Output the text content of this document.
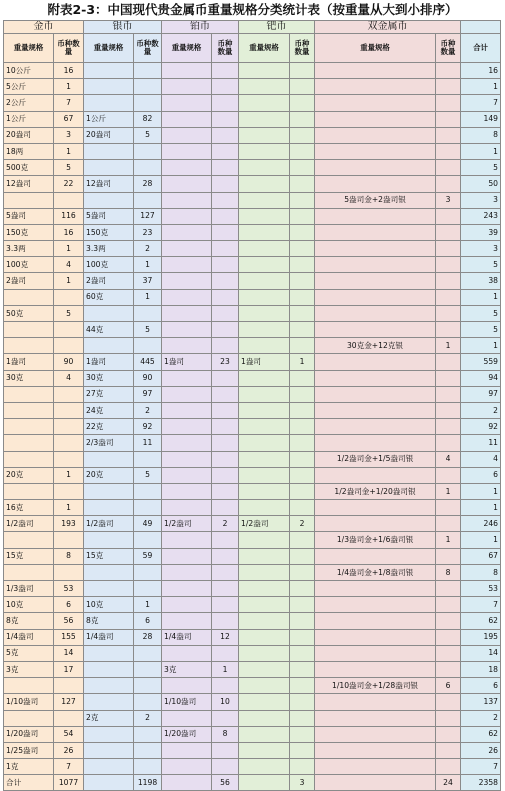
附表2-3：中国现代贵金属币重量规格分类统计表（按重量从大到小排序）
金币		银币		铂币		钯币		双金属币		
重量规格	币种数量	重量规格	币种数量	重量规格	币种数量	重量规格	币种数量	重量规格	币种数量	合计
10公斤	16									16
5公斤	1									1
2公斤	7									7
1公斤	67	1公斤	82							149
20盎司	3	20盎司	5							8
18两	1									1
500克	5									5
12盎司	22	12盎司	28							50
								5盎司金+2盎司银	3	3
5盎司	116	5盎司	127							243
150克	16	150克	23							39
3.3两	1	3.3两	2							3
100克	4	100克	1							5
2盎司	1	2盎司	37							38
		60克	1							1
50克	5									5
		44克	5							5
								30克金+12克银	1	1
1盎司	90	1盎司	445	1盎司	23	1盎司	1			559
30克	4	30克	90							94
		27克	97							97
		24克	2							2
		22克	92							92
		2/3盎司	11							11
								1/2盎司金+1/5盎司银	4	4
20克	1	20克	5							6
								1/2盎司金+1/20盎司银	1	1
16克	1									1
1/2盎司	193	1/2盎司	49	1/2盎司	2	1/2盎司	2			246
								1/3盎司金+1/6盎司银	1	1
15克	8	15克	59							67
								1/4盎司金+1/8盎司银	8	8
1/3盎司	53									53
10克	6	10克	1							7
8克	56	8克	6							62
1/4盎司	155	1/4盎司	28	1/4盎司	12					195
5克	14									14
3克	17			3克	1					18
								1/10盎司金+1/28盎司银	6	6
1/10盎司	127			1/10盎司	10					137
		2克	2							2
1/20盎司	54			1/20盎司	8					62
1/25盎司	26									26
1克	7									7
合计	1077		1198		56		3		24	2358
